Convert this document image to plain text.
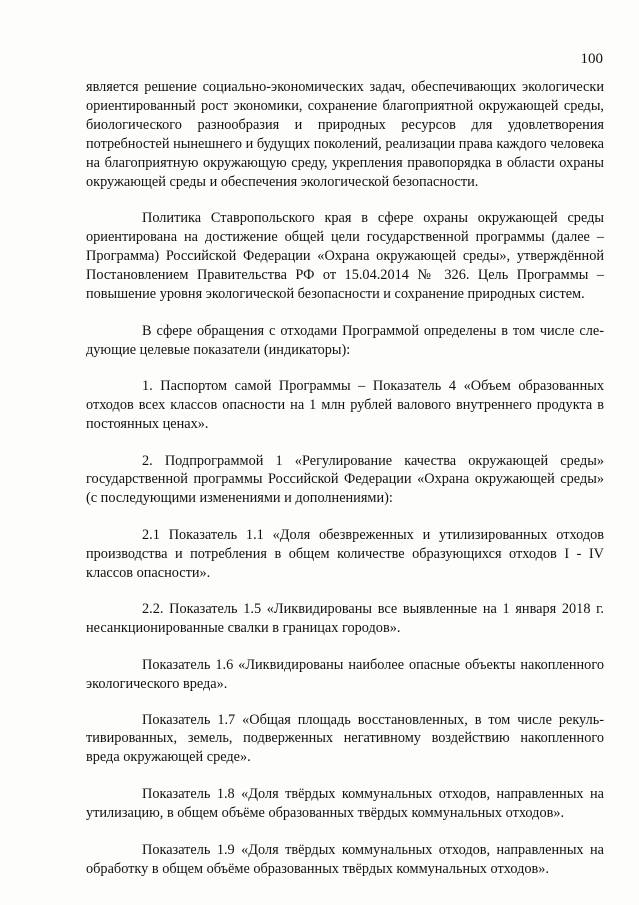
100

является решение социально-экономических задач, обеспечивающих экологически ориентированный рост экономики, сохранение благоприятной окружающей среды, биологического разнообразия и природных ресурсов для удовлетворения потребностей нынешнего и будущих поколений, реализации права каждого человека на благоприятную окружающую среду, укрепления правопорядка в области охраны окружающей среды и обеспечения экологической безопасности.

Политика Ставропольского края в сфере охраны окружающей среды ориентирована на достижение общей цели государственной программы (далее – Программа) Российской Федерации «Охрана окружающей среды», утверждённой Постановлением Правительства РФ от 15.04.2014 № 326. Цель Программы – повышение уровня экологической безопасности и сохранение природных систем.

В сфере обращения с отходами Программой определены в том числе следующие целевые показатели (индикаторы):

1. Паспортом самой Программы – Показатель 4 «Объем образованных отходов всех классов опасности на 1 млн рублей валового внутреннего продукта в постоянных ценах».

2. Подпрограммой 1 «Регулирование качества окружающей среды» государственной программы Российской Федерации «Охрана окружающей среды» (с последующими изменениями и дополнениями):

2.1 Показатель 1.1 «Доля обезвреженных и утилизированных отходов производства и потребления в общем количестве образующихся отходов I - IV классов опасности».

2.2. Показатель 1.5 «Ликвидированы все выявленные на 1 января 2018 г. несанкционированные свалки в границах городов».

Показатель 1.6 «Ликвидированы наиболее опасные объекты накопленного экологического вреда».

Показатель 1.7 «Общая площадь восстановленных, в том числе рекультивированных, земель, подверженных негативному воздействию накопленного вреда окружающей среде».

Показатель 1.8 «Доля твёрдых коммунальных отходов, направленных на утилизацию, в общем объёме образованных твёрдых коммунальных отходов».

Показатель 1.9 «Доля твёрдых коммунальных отходов, направленных на обработку в общем объёме образованных твёрдых коммунальных отходов».
